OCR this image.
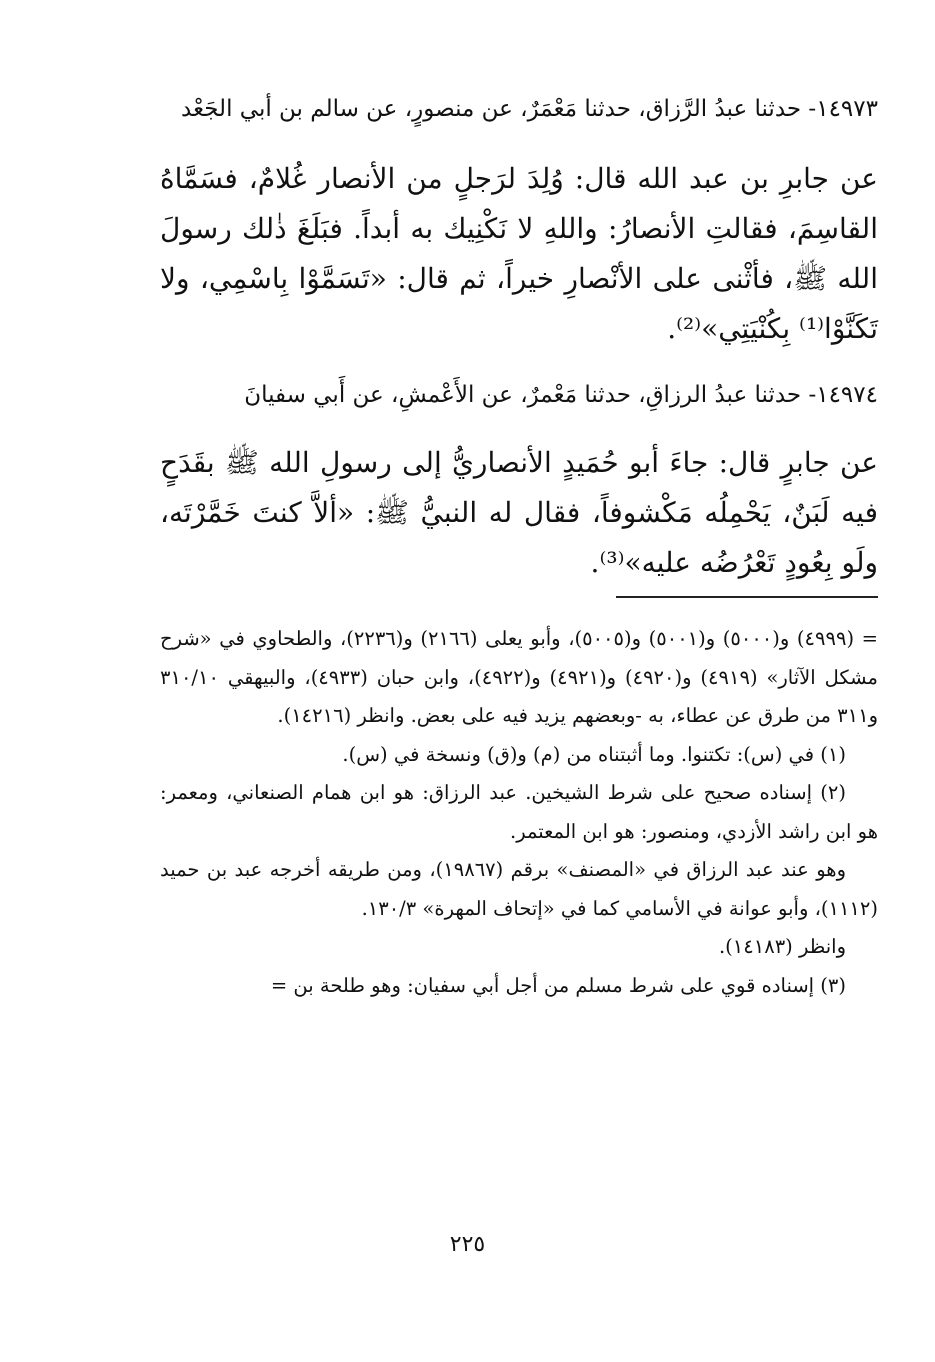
١٤٩٧٣- حدثنا عبدُ الرَّزاق، حدثنا مَعْمَرٌ، عن منصورٍ، عن سالم بن أبي الجَعْد

عن جابرِ بن عبد الله قال: وُلِدَ لرَجلٍ من الأنصار غُلامٌ، فسَمَّاهُ القاسِمَ، فقالتِ الأنصارُ: واللهِ لا نَكْنِيك به أبداً. فبَلَغَ ذٰلك رسولَ الله ﷺ، فأثْنى على الأنْصارِ خيراً، ثم قال: «تَسَمَّوْا بِاسْمِي، ولا تَكَنَّوْا⁽¹⁾ بِكُنْيَتِي»⁽²⁾.

١٤٩٧٤- حدثنا عبدُ الرزاقِ، حدثنا مَعْمرٌ، عن الأَعْمشِ، عن أَبي سفيانَ

عن جابرٍ قال: جاءَ أبو حُمَيدٍ الأنصاريُّ إلى رسولِ الله ﷺ بقَدَحٍ فيه لَبَنٌ، يَحْمِلُه مَكْشوفاً، فقال له النبيُّ ﷺ: «ألاَّ كنتَ خَمَّرْتَه، ولَو بِعُودٍ تَعْرُضُه عليه»⁽³⁾.

= (٤٩٩٩) و(٥٠٠٠) و(٥٠٠١) و(٥٠٠٥)، وأبو يعلى (٢١٦٦) و(٢٢٣٦)، والطحاوي في «شرح مشكل الآثار» (٤٩١٩) و(٤٩٢٠) و(٤٩٢١) و(٤٩٢٢)، وابن حبان (٤٩٣٣)، والبيهقي ٣١٠/١٠ و٣١١ من طرق عن عطاء، به -وبعضهم يزيد فيه على بعض. وانظر (١٤٢١٦).

(١) في (س): تكتنوا. وما أثبتناه من (م) و(ق) ونسخة في (س).

(٢) إسناده صحيح على شرط الشيخين. عبد الرزاق: هو ابن همام الصنعاني، ومعمر: هو ابن راشد الأزدي، ومنصور: هو ابن المعتمر.

وهو عند عبد الرزاق في «المصنف» برقم (١٩٨٦٧)، ومن طريقه أخرجه عبد بن حميد (١١١٢)، وأبو عوانة في الأسامي كما في «إتحاف المهرة» ١٣٠/٣.

وانظر (١٤١٨٣).

(٣) إسناده قوي على شرط مسلم من أجل أبي سفيان: وهو طلحة بن =

٢٢٥
